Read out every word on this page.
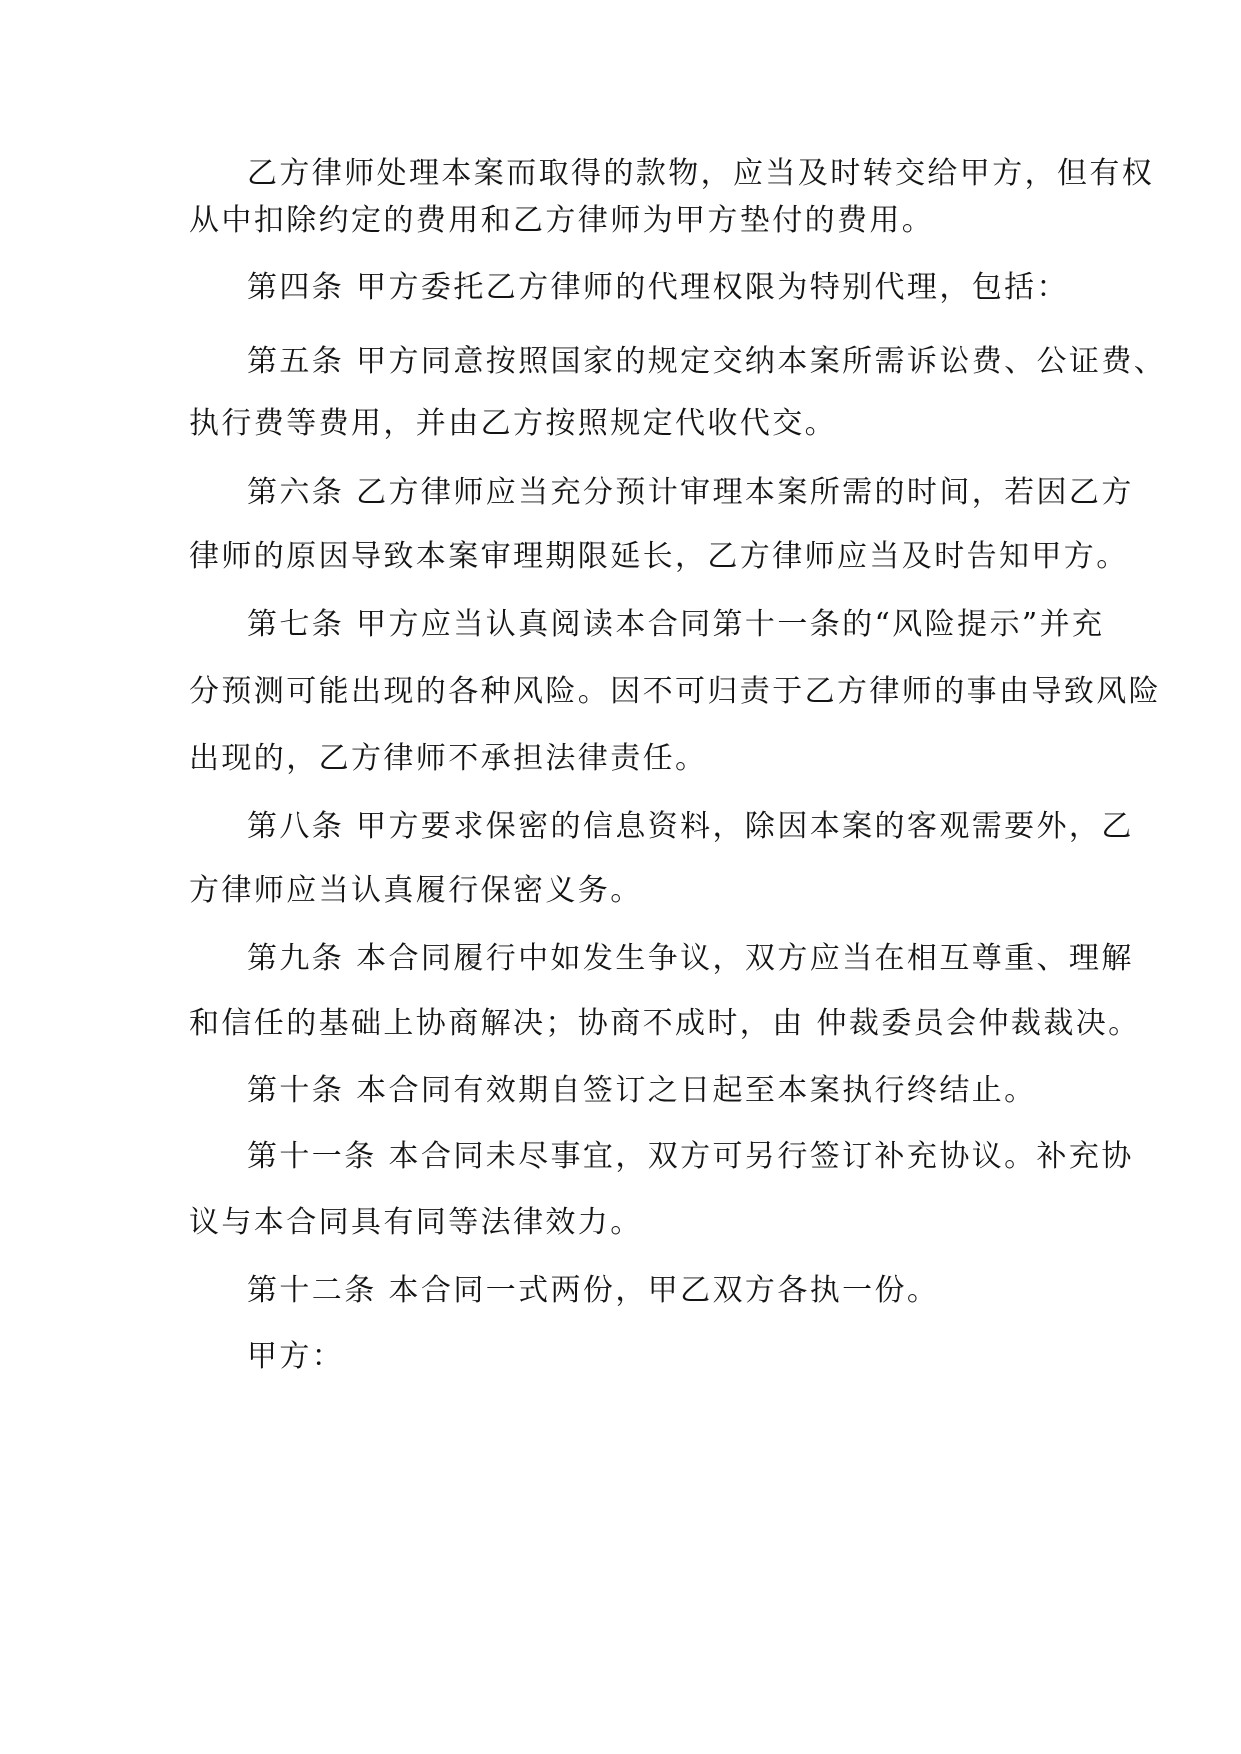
乙方律师处理本案而取得的款物，应当及时转交给甲方，但有权
从中扣除约定的费用和乙方律师为甲方垫付的费用。
第四条 甲方委托乙方律师的代理权限为特别代理，包括：
第五条 甲方同意按照国家的规定交纳本案所需诉讼费、公证费、
执行费等费用，并由乙方按照规定代收代交。
第六条 乙方律师应当充分预计审理本案所需的时间，若因乙方
律师的原因导致本案审理期限延长，乙方律师应当及时告知甲方。
第七条 甲方应当认真阅读本合同第十一条的“风险提示”并充
分预测可能出现的各种风险。因不可归责于乙方律师的事由导致风险
出现的，乙方律师不承担法律责任。
第八条 甲方要求保密的信息资料，除因本案的客观需要外，乙
方律师应当认真履行保密义务。
第九条 本合同履行中如发生争议，双方应当在相互尊重、理解
和信任的基础上协商解决；协商不成时，由 仲裁委员会仲裁裁决。
第十条 本合同有效期自签订之日起至本案执行终结止。
第十一条 本合同未尽事宜，双方可另行签订补充协议。补充协
议与本合同具有同等法律效力。
第十二条 本合同一式两份，甲乙双方各执一份。
甲方：
